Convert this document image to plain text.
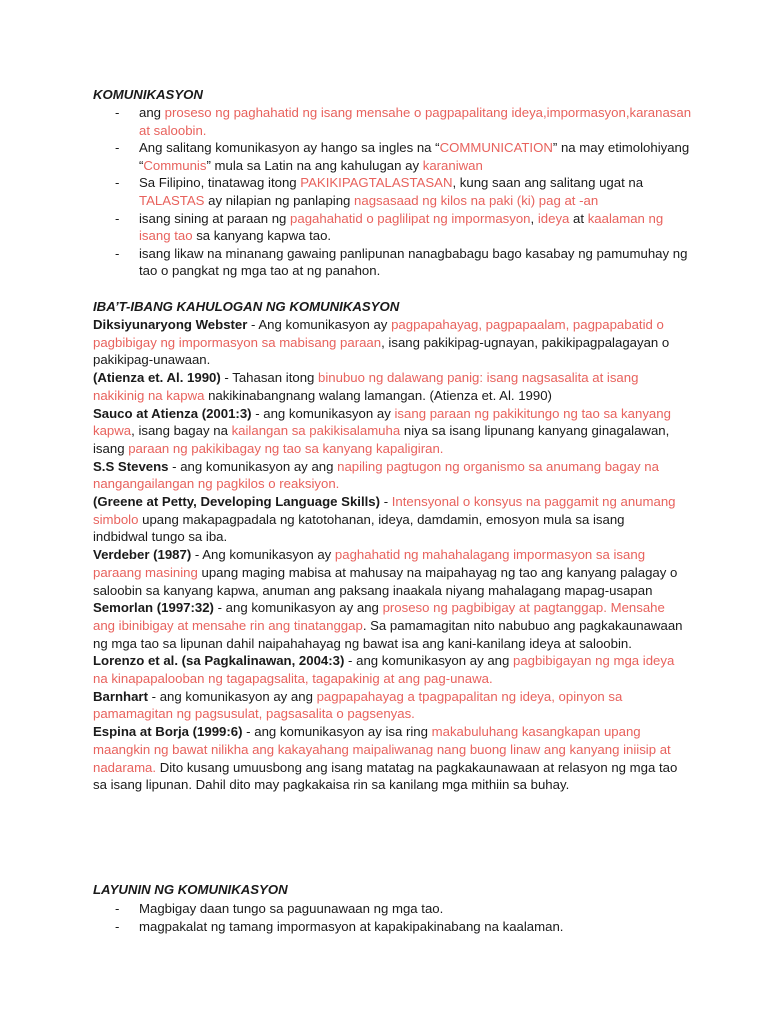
KOMUNIKASYON
- ang proseso ng paghahatid ng isang mensahe o pagpapalitang ideya,impormasyon,karanasan at saloobin.
- Ang salitang komunikasyon ay hango sa ingles na “COMMUNICATION” na may etimolohiyang “Communis” mula sa Latin na ang kahulugan ay karaniwan
- Sa Filipino, tinatawag itong PAKIKIPAGTALASTASAN, kung saan ang salitang ugat na TALASTAS ay nilapian ng panlaping nagsasaad ng kilos na paki (ki) pag at -an
- isang sining at paraan ng pagahahatid o paglilipat ng impormasyon, ideya at kaalaman ng isang tao sa kanyang kapwa tao.
- isang likaw na minanang gawaing panlipunan nanagbabagu bago kasabay ng pamumuhay ng tao o pangkat ng mga tao at ng panahon.
IBA’T-IBANG KAHULOGAN NG KOMUNIKASYON
Diksiyunaryong Webster - Ang komunikasyon ay pagpapahayag, pagpapaalam, pagpapabatid o pagbibigay ng impormasyon sa mabisang paraan, isang pakikipag-ugnayan, pakikipagpalagayan o pakikipag-unawaan.
(Atienza et. Al. 1990) - Tahasan itong binubuo ng dalawang panig: isang nagsasalita at isang nakikinig na kapwa nakikinabangnang walang lamangan. (Atienza et. Al. 1990)
Sauco at Atienza (2001:3) - ang komunikasyon ay isang paraan ng pakikitungo ng tao sa kanyang kapwa, isang bagay na kailangan sa pakikisalamuha niya sa isang lipunang kanyang ginagalawan, isang paraan ng pakikibagay ng tao sa kanyang kapaligiran.
S.S Stevens - ang komunikasyon ay ang napiling pagtugon ng organismo sa anumang bagay na nangangailangan ng pagkilos o reaksiyon.
(Greene at Petty, Developing Language Skills) - Intensyonal o konsyus na paggamit ng anumang simbolo upang makapagpadala ng katotohanan, ideya, damdamin, emosyon mula sa isang indbidwal tungo sa iba.
Verdeber (1987) - Ang komunikasyon ay paghahatid ng mahahalagang impormasyon sa isang paraang masining upang maging mabisa at mahusay na maipahayag ng tao ang kanyang palagay o saloobin sa kanyang kapwa, anuman ang paksang inaakala niyang mahalagang mapag-usapan
Semorlan (1997:32) - ang komunikasyon ay ang proseso ng pagbibigay at pagtanggap. Mensahe ang ibinibigay at mensahe rin ang tinatanggap. Sa pamamagitan nito nabubuo ang pagkakaunawaan ng mga tao sa lipunan dahil naipahahayag ng bawat isa ang kani-kanilang ideya at saloobin.
Lorenzo et al. (sa Pagkalinawan, 2004:3) - ang komunikasyon ay ang pagbibigayan ng mga ideya na kinapapalooban ng tagapagsalita, tagapakinig at ang pag-unawa.
Barnhart - ang komunikasyon ay ang pagpapahayag a tpagpapalitan ng ideya, opinyon sa pamamagitan ng pagsusulat, pagsasalita o pagsenyas.
Espina at Borja (1999:6) - ang komunikasyon ay isa ring makabuluhang kasangkapan upang maangkin ng bawat nilikha ang kakayahang maipaliwanag nang buong linaw ang kanyang iniisip at nadarama. Dito kusang umuusbong ang isang matatag na pagkakaunawaan at relasyon ng mga tao sa isang lipunan. Dahil dito may pagkakaisa rin sa kanilang mga mithiin sa buhay.
LAYUNIN NG KOMUNIKASYON
- Magbigay daan tungo sa paguunawaan ng mga tao.
- magpakalat ng tamang impormasyon at kapakipakinabang na kaalaman.
